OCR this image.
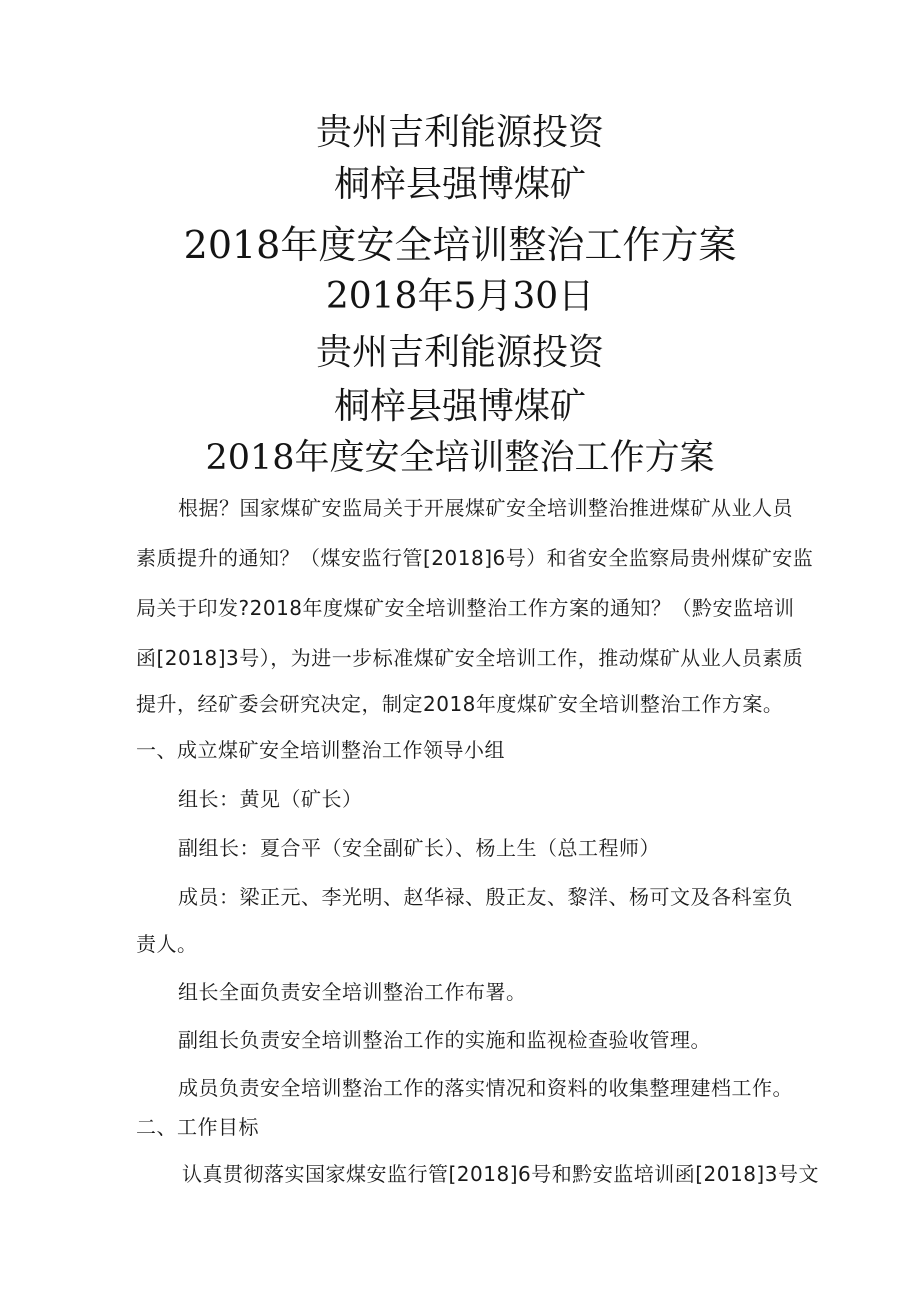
贵州吉利能源投资
桐梓县强博煤矿
2018年度安全培训整治工作方案
2018年5月30日
贵州吉利能源投资
桐梓县强博煤矿
2018年度安全培训整治工作方案
根据？国家煤矿安监局关于开展煤矿安全培训整治推进煤矿从业人员
素质提升的通知？（煤安监行管[2018]6号）和省安全监察局贵州煤矿安监
局关于印发?2018年度煤矿安全培训整治工作方案的通知？（黔安监培训
函[2018]3号），为进一步标准煤矿安全培训工作，推动煤矿从业人员素质
提升，经矿委会研究决定，制定2018年度煤矿安全培训整治工作方案。
一、成立煤矿安全培训整治工作领导小组
组长：黄见（矿长）
副组长：夏合平（安全副矿长）、杨上生（总工程师）
成员：梁正元、李光明、赵华禄、殷正友、黎洋、杨可文及各科室负
责人。
组长全面负责安全培训整治工作布署。
副组长负责安全培训整治工作的实施和监视检查验收管理。
成员负责安全培训整治工作的落实情况和资料的收集整理建档工作。
二、工作目标
认真贯彻落实国家煤安监行管[2018]6号和黔安监培训函[2018]3号文
